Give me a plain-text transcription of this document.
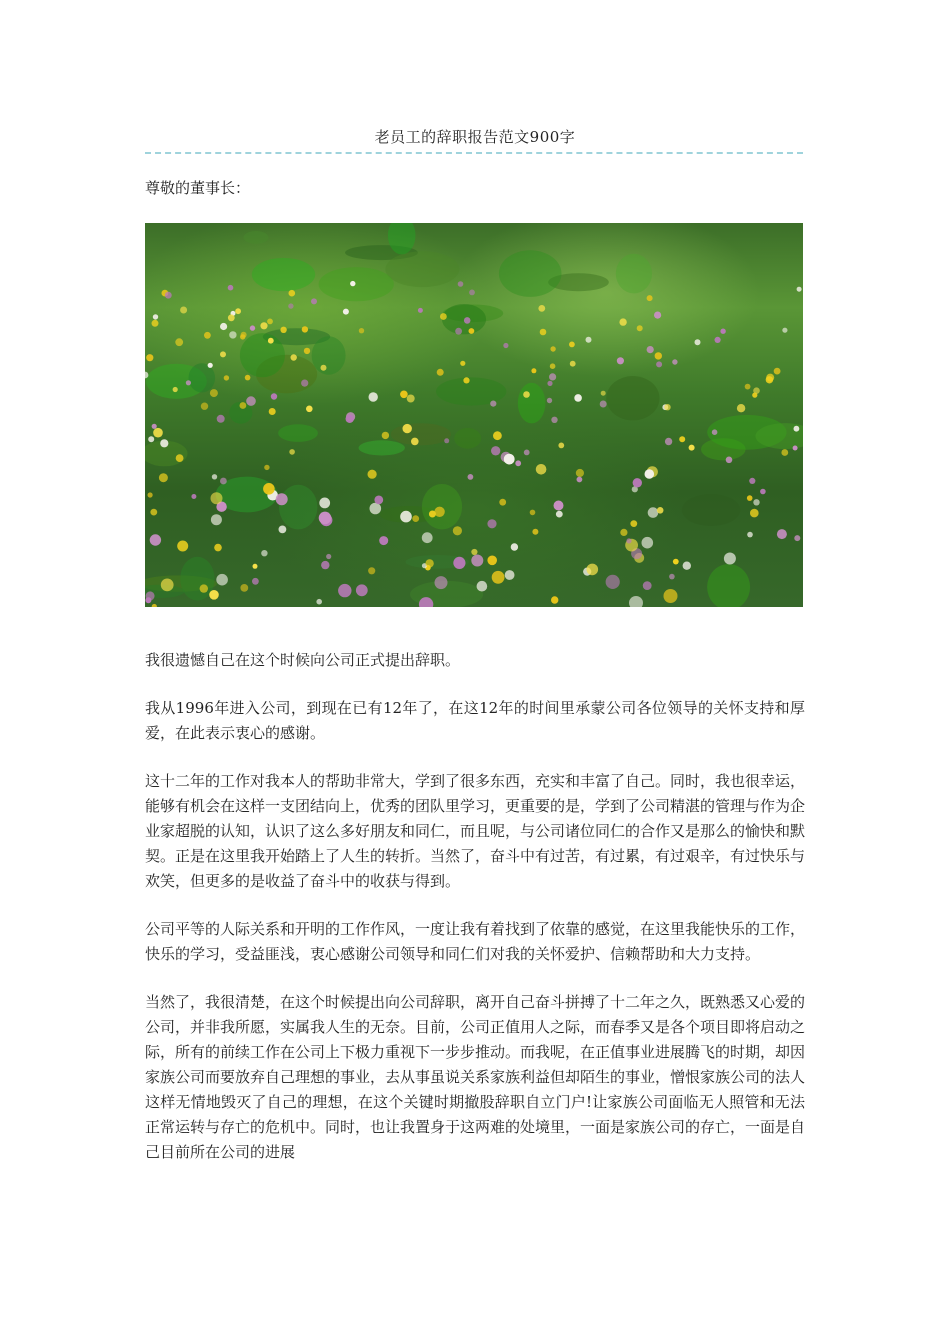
老员工的辞职报告范文900字
尊敬的董事长：

我很遗憾自己在这个时候向公司正式提出辞职。

我从1996年进入公司，到现在已有12年了，在这12年的时间里承蒙公司各位领导的关怀支持和厚爱，在此表示衷心的感谢。

这十二年的工作对我本人的帮助非常大，学到了很多东西，充实和丰富了自己。同时，我也很幸运，能够有机会在这样一支团结向上，优秀的团队里学习，更重要的是，学到了公司精湛的管理与作为企业家超脱的认知，认识了这么多好朋友和同仁，而且呢，与公司诸位同仁的合作又是那么的愉快和默契。正是在这里我开始踏上了人生的转折。当然了，奋斗中有过苦，有过累，有过艰辛，有过快乐与欢笑，但更多的是收益了奋斗中的收获与得到。

公司平等的人际关系和开明的工作作风，一度让我有着找到了依靠的感觉，在这里我能快乐的工作，快乐的学习，受益匪浅，衷心感谢公司领导和同仁们对我的关怀爱护、信赖帮助和大力支持。

当然了，我很清楚，在这个时候提出向公司辞职，离开自己奋斗拼搏了十二年之久，既熟悉又心爱的公司，并非我所愿，实属我人生的无奈。目前，公司正值用人之际，而春季又是各个项目即将启动之际，所有的前续工作在公司上下极力重视下一步步推动。而我呢，在正值事业进展腾飞的时期，却因家族公司而要放弃自己理想的事业，去从事虽说关系家族利益但却陌生的事业，憎恨家族公司的法人这样无情地毁灭了自己的理想，在这个关键时期撤股辞职自立门户!让家族公司面临无人照管和无法正常运转与存亡的危机中。同时，也让我置身于这两难的处境里，一面是家族公司的存亡，一面是自己目前所在公司的进展
